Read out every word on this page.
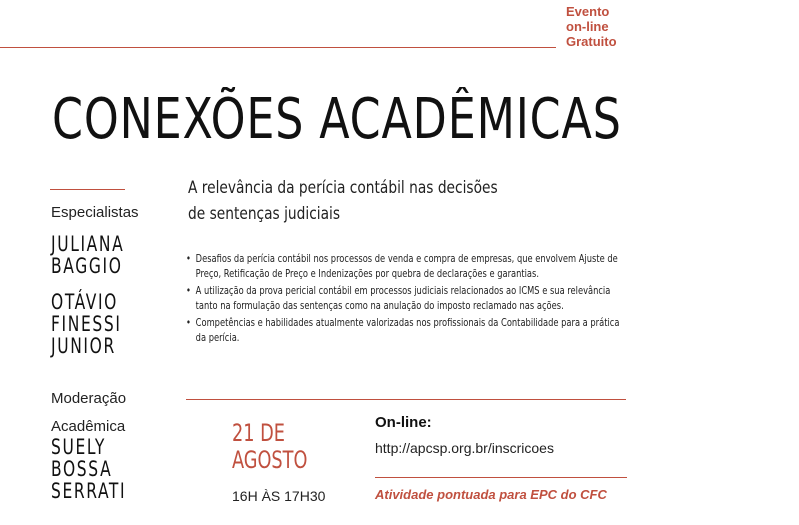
Evento
on-line
Gratuito
CONEXÕES ACADÊMICAS
Especialistas
JULIANA
BAGGIO
OTÁVIO
FINESSI
JUNIOR
Moderação
Acadêmica
SUELY
BOSSA
SERRATI
A relevância da perícia contábil nas decisões
de sentenças judiciais
• Desafios da perícia contábil nos processos de venda e compra de empresas, que envolvem Ajuste de Preço, Retificação de Preço e Indenizações por quebra de declarações e garantias.
• A utilização da prova pericial contábil em processos judiciais relacionados ao ICMS e sua relevância tanto na formulação das sentenças como na anulação do imposto reclamado nas ações.
• Competências e habilidades atualmente valorizadas nos profissionais da Contabilidade para a prática da perícia.
21 DE
AGOSTO
16H ÀS 17H30
On-line:
http://apcsp.org.br/inscricoes
Atividade pontuada para EPC do CFC
